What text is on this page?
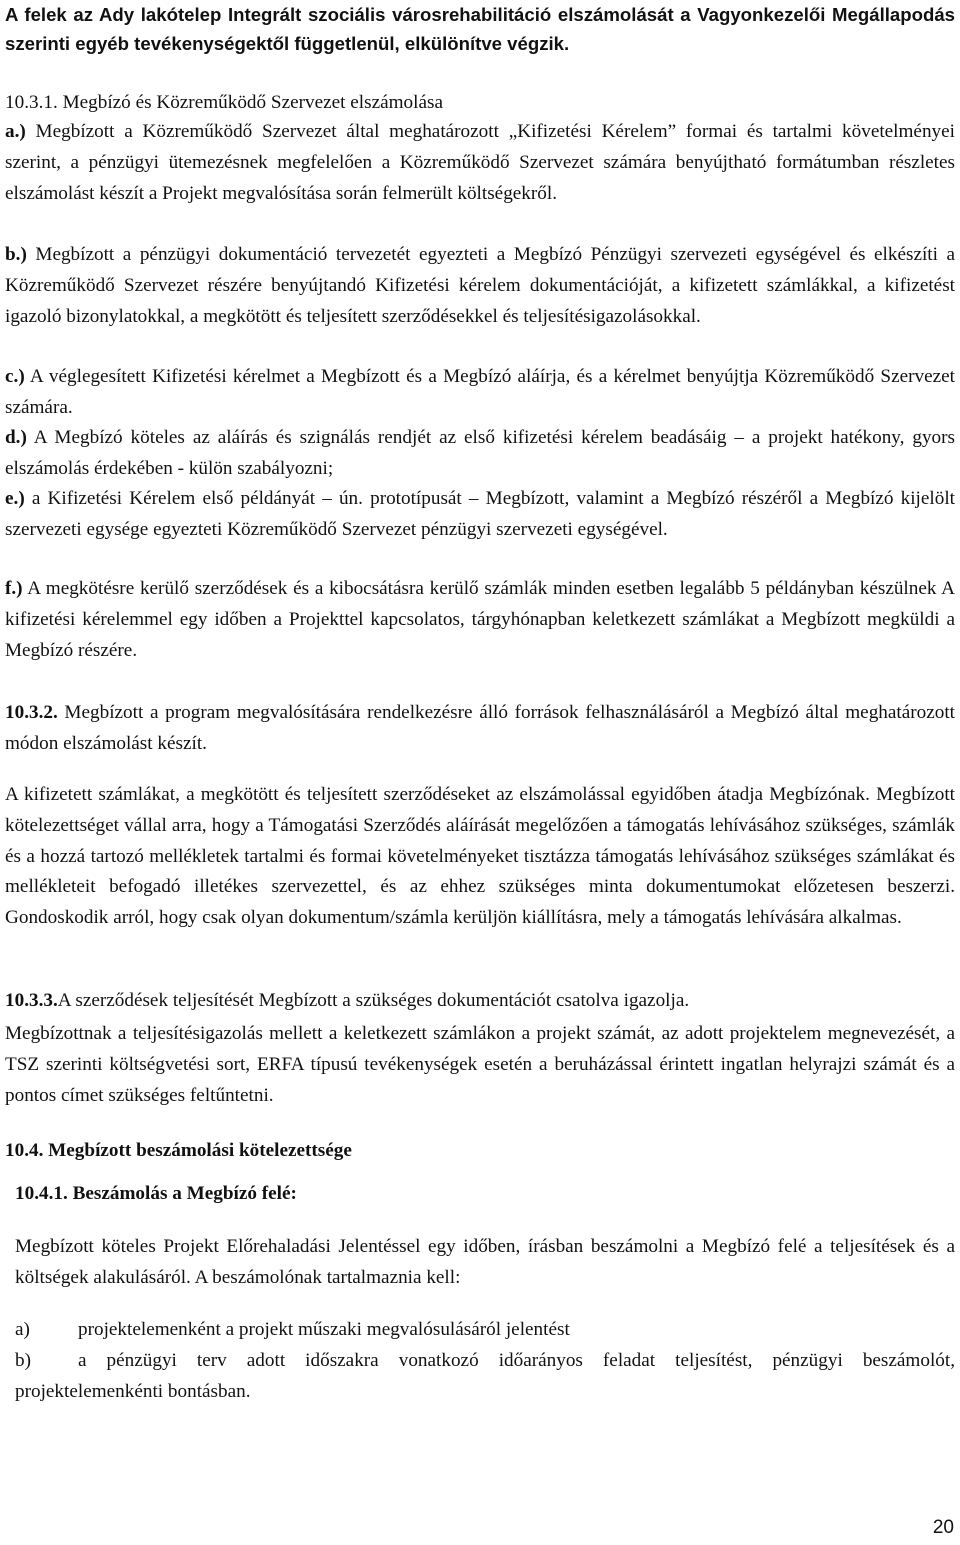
A felek az Ady lakótelep Integrált szociális városrehabilitáció elszámolását a Vagyonkezelői Megállapodás szerinti egyéb tevékenységektől függetlenül, elkülönítve végzik.

10.3.1. Megbízó és Közreműködő Szervezet elszámolása

a.) Megbízott a Közreműködő Szervezet által meghatározott „Kifizetési Kérelem” formai és tartalmi követelményei szerint, a pénzügyi ütemezésnek megfelelően a Közreműködő Szervezet számára benyújtható formátumban részletes elszámolást készít a Projekt megvalósítása során felmerült költségekről.

b.) Megbízott a pénzügyi dokumentáció tervezetét egyezteti a Megbízó Pénzügyi szervezeti egységével és elkészíti a Közreműködő Szervezet részére benyújtandó Kifizetési kérelem dokumentációját, a kifizetett számlákkal, a kifizetést igazoló bizonylatokkal, a megkötött és teljesített szerződésekkel és teljesítésigazolásokkal.

c.) A véglegesített Kifizetési kérelmet a Megbízott és a Megbízó aláírja, és a kérelmet benyújtja Közreműködő Szervezet számára.

d.) A Megbízó köteles az aláírás és szignálás rendjét az első kifizetési kérelem beadásáig – a projekt hatékony, gyors elszámolás érdekében - külön szabályozni;

e.) a Kifizetési Kérelem első példányát – ún. prototípusát – Megbízott, valamint a Megbízó részéről a Megbízó kijelölt szervezeti egysége egyezteti Közreműködő Szervezet pénzügyi szervezeti egységével.

f.) A megkötésre kerülő szerződések és a kibocsátásra kerülő számlák minden esetben legalább 5 példányban készülnek A kifizetési kérelemmel egy időben a Projekttel kapcsolatos, tárgyhónapban keletkezett számlákat a Megbízott megküldi a Megbízó részére.

10.3.2. Megbízott a program megvalósítására rendelkezésre álló források felhasználásáról a Megbízó által meghatározott módon elszámolást készít.

A kifizetett számlákat, a megkötött és teljesített szerződéseket az elszámolással egyidőben átadja Megbízónak. Megbízott kötelezettséget vállal arra, hogy a Támogatási Szerződés aláírását megelőzően a támogatás lehívásához szükséges, számlák és a hozzá tartozó mellékletek tartalmi és formai követelményeket tisztázza támogatás lehívásához szükséges számlákat és mellékleteit befogadó illetékes szervezettel, és az ehhez szükséges minta dokumentumokat előzetesen beszerzi. Gondoskodik arról, hogy csak olyan dokumentum/számla kerüljön kiállításra, mely a támogatás lehívására alkalmas.

10.3.3.A szerződések teljesítését Megbízott a szükséges dokumentációt csatolva igazolja.

Megbízottnak a teljesítésigazolás mellett a keletkezett számlákon a projekt számát, az adott projektelem megnevezését, a TSZ szerinti költségvetési sort, ERFA típusú tevékenységek esetén a beruházással érintett ingatlan helyrajzi számát és a pontos címet szükséges feltűntetni.

10.4. Megbízott beszámolási kötelezettsége

10.4.1. Beszámolás a Megbízó felé:

Megbízott köteles Projekt Előrehaladási Jelentéssel egy időben, írásban beszámolni a Megbízó felé a teljesítések és a költségek alakulásáról. A beszámolónak tartalmaznia kell:

a)	projektelemenként a projekt műszaki megvalósulásáról jelentést
b)	a pénzügyi terv adott időszakra vonatkozó időarányos feladat teljesítést, pénzügyi beszámolót, projektelemenkénti bontásban.
20
